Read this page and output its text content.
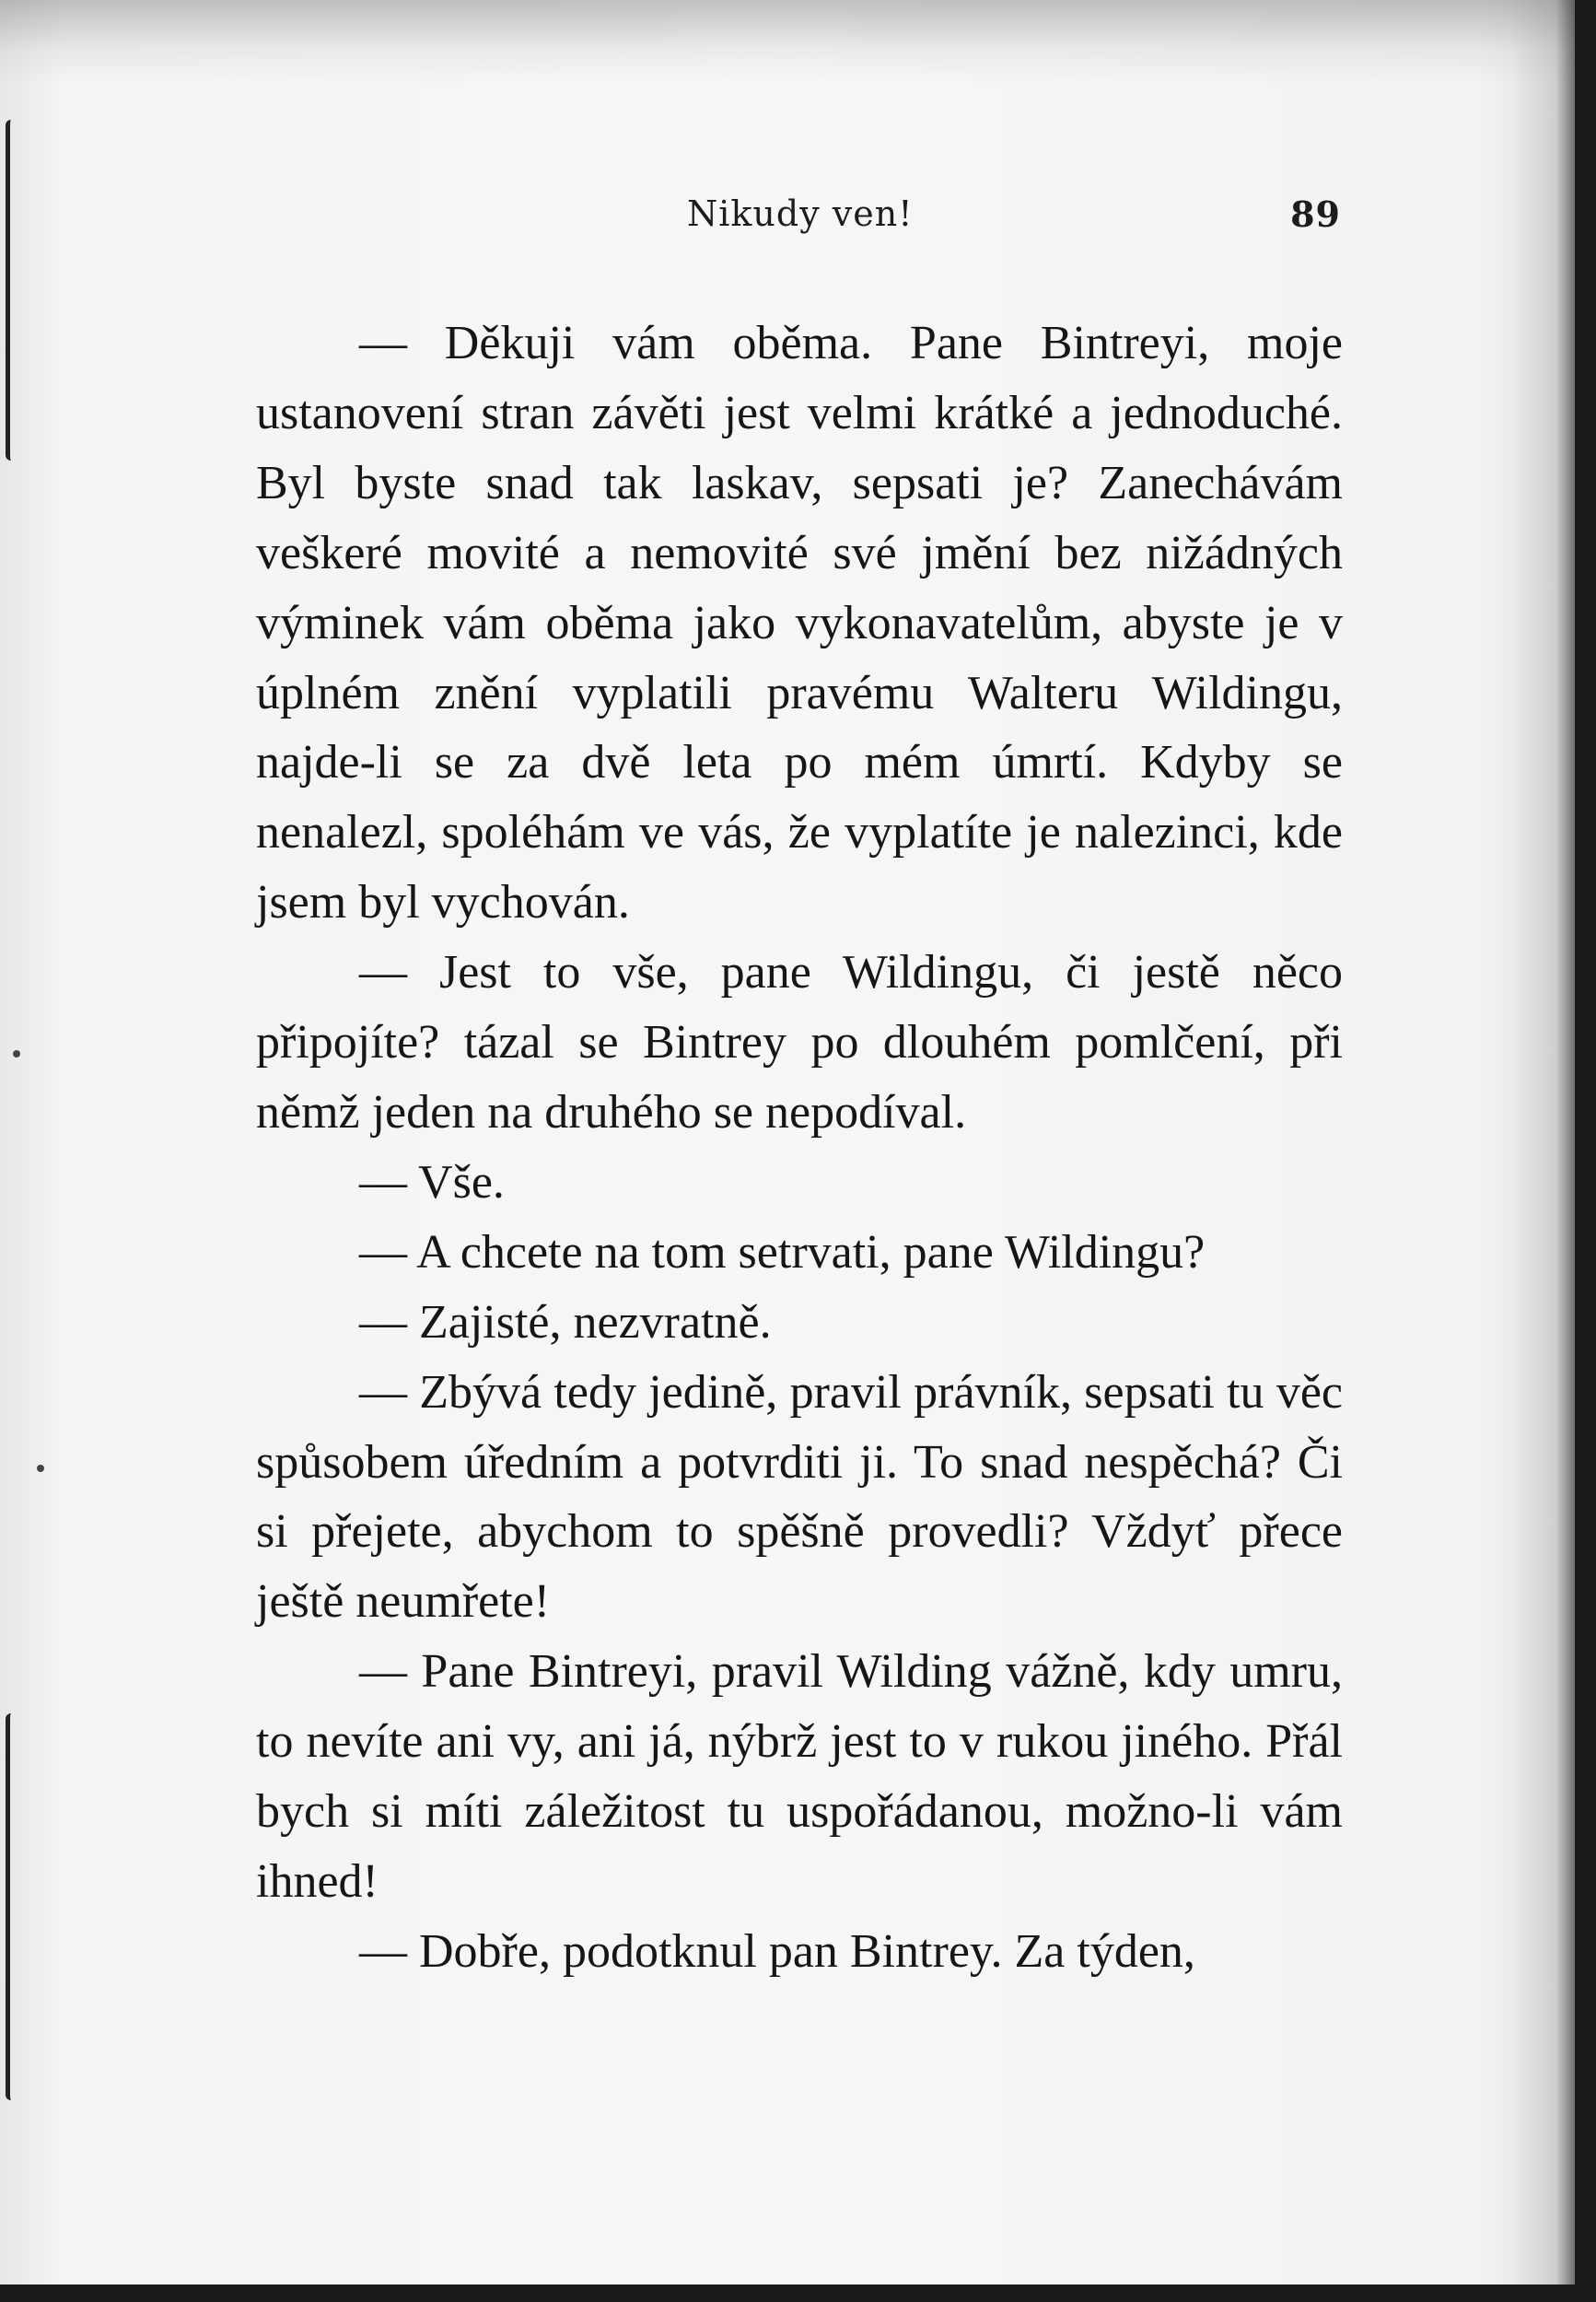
Nikudy ven!	89

— Děkuji vám oběma. Pane Bintreyi, moje ustanovení stran závěti jest velmi krátké a jednoduché. Byl byste snad tak laskav, sepsati je? Zanechávám veškeré movité a nemovité své jmění bez nižádných výminek vám oběma jako vykonavatelům, abyste je v úplném znění vyplatili pravému Walteru Wildingu, najde-li se za dvě leta po mém úmrtí. Kdyby se nenalezl, spoléhám ve vás, že vyplatíte je nalezinci, kde jsem byl vychován.

— Jest to vše, pane Wildingu, či jestě něco připojíte? tázal se Bintrey po dlouhém pomlčení, při němž jeden na druhého se nepodíval.

— Vše.

— A chcete na tom setrvati, pane Wildingu?

— Zajisté, nezvratně.

— Zbývá tedy jedině, pravil právník, sepsati tu věc spůsobem úředním a potvrditi ji. To snad nespěchá? Či si přejete, abychom to spěšně provedli? Vždyť přece ještě neumřete!

— Pane Bintreyi, pravil Wilding vážně, kdy umru, to nevíte ani vy, ani já, nýbrž jest to v rukou jiného. Přál bych si míti záležitost tu uspořádanou, možno-li vám ihned!

— Dobře, podotknul pan Bintrey. Za týden,
